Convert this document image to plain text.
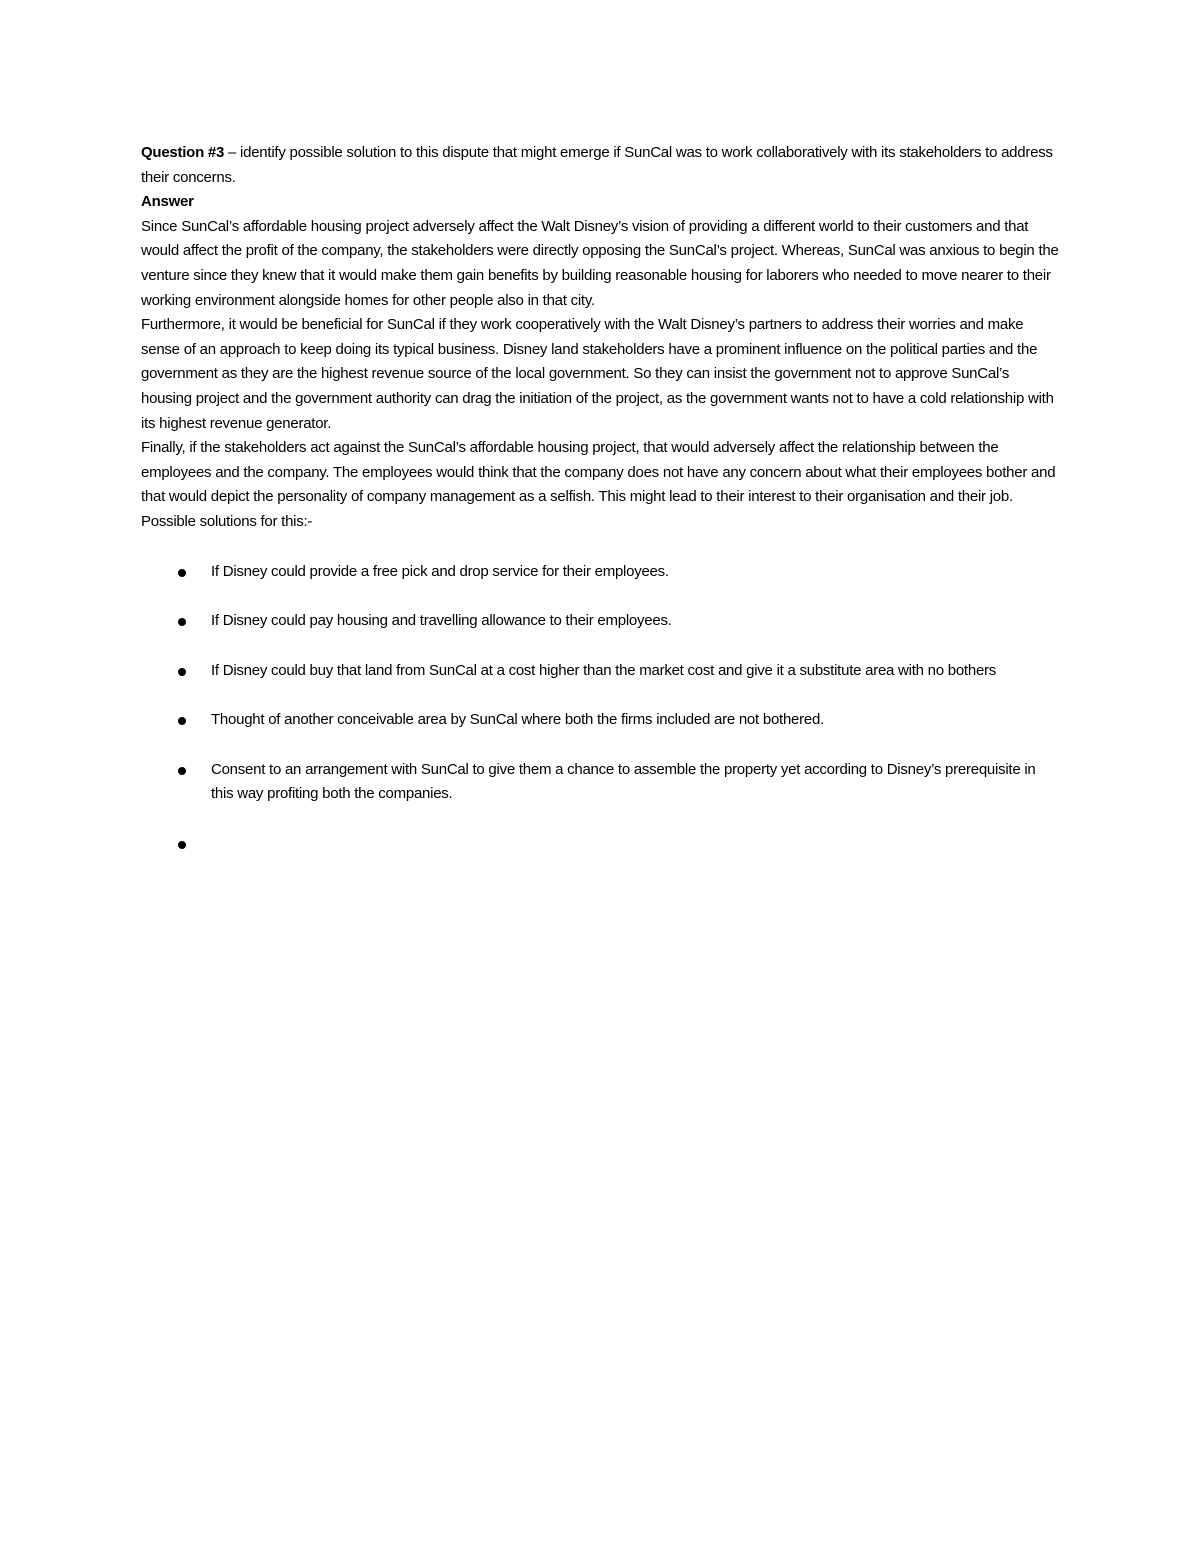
Question #3 – identify possible solution to this dispute that might emerge if SunCal was to work collaboratively with its stakeholders to address their concerns.

Answer

Since SunCal’s affordable housing project adversely affect the Walt Disney’s vision of providing a different world to their customers and that would affect the profit of the company, the stakeholders were directly opposing the SunCal’s project. Whereas, SunCal was anxious to begin the venture since they knew that it would make them gain benefits by building reasonable housing for laborers who needed to move nearer to their working environment alongside homes for other people also in that city.

Furthermore, it would be beneficial for SunCal if they work cooperatively with the Walt Disney’s partners to address their worries and make sense of an approach to keep doing its typical business. Disney land stakeholders have a prominent influence on the political parties and the government as they are the highest revenue source of the local government. So they can insist the government not to approve SunCal’s housing project and the government authority can drag the initiation of the project, as the government wants not to have a cold relationship with its highest revenue generator.

Finally, if the stakeholders act against the SunCal’s affordable housing project, that would adversely affect the relationship between the employees and the company. The employees would think that the company does not have any concern about what their employees bother and that would depict the personality of company management as a selfish. This might lead to their interest to their organisation and their job.

Possible solutions for this:-

If Disney could provide a free pick and drop service for their employees.
If Disney could pay housing and travelling allowance to their employees.
If Disney could buy that land from SunCal at a cost higher than the market cost and give it a substitute area with no bothers
Thought of another conceivable area by SunCal where both the firms included are not bothered.
Consent to an arrangement with SunCal to give them a chance to assemble the property yet according to Disney’s prerequisite in this way profiting both the companies.
